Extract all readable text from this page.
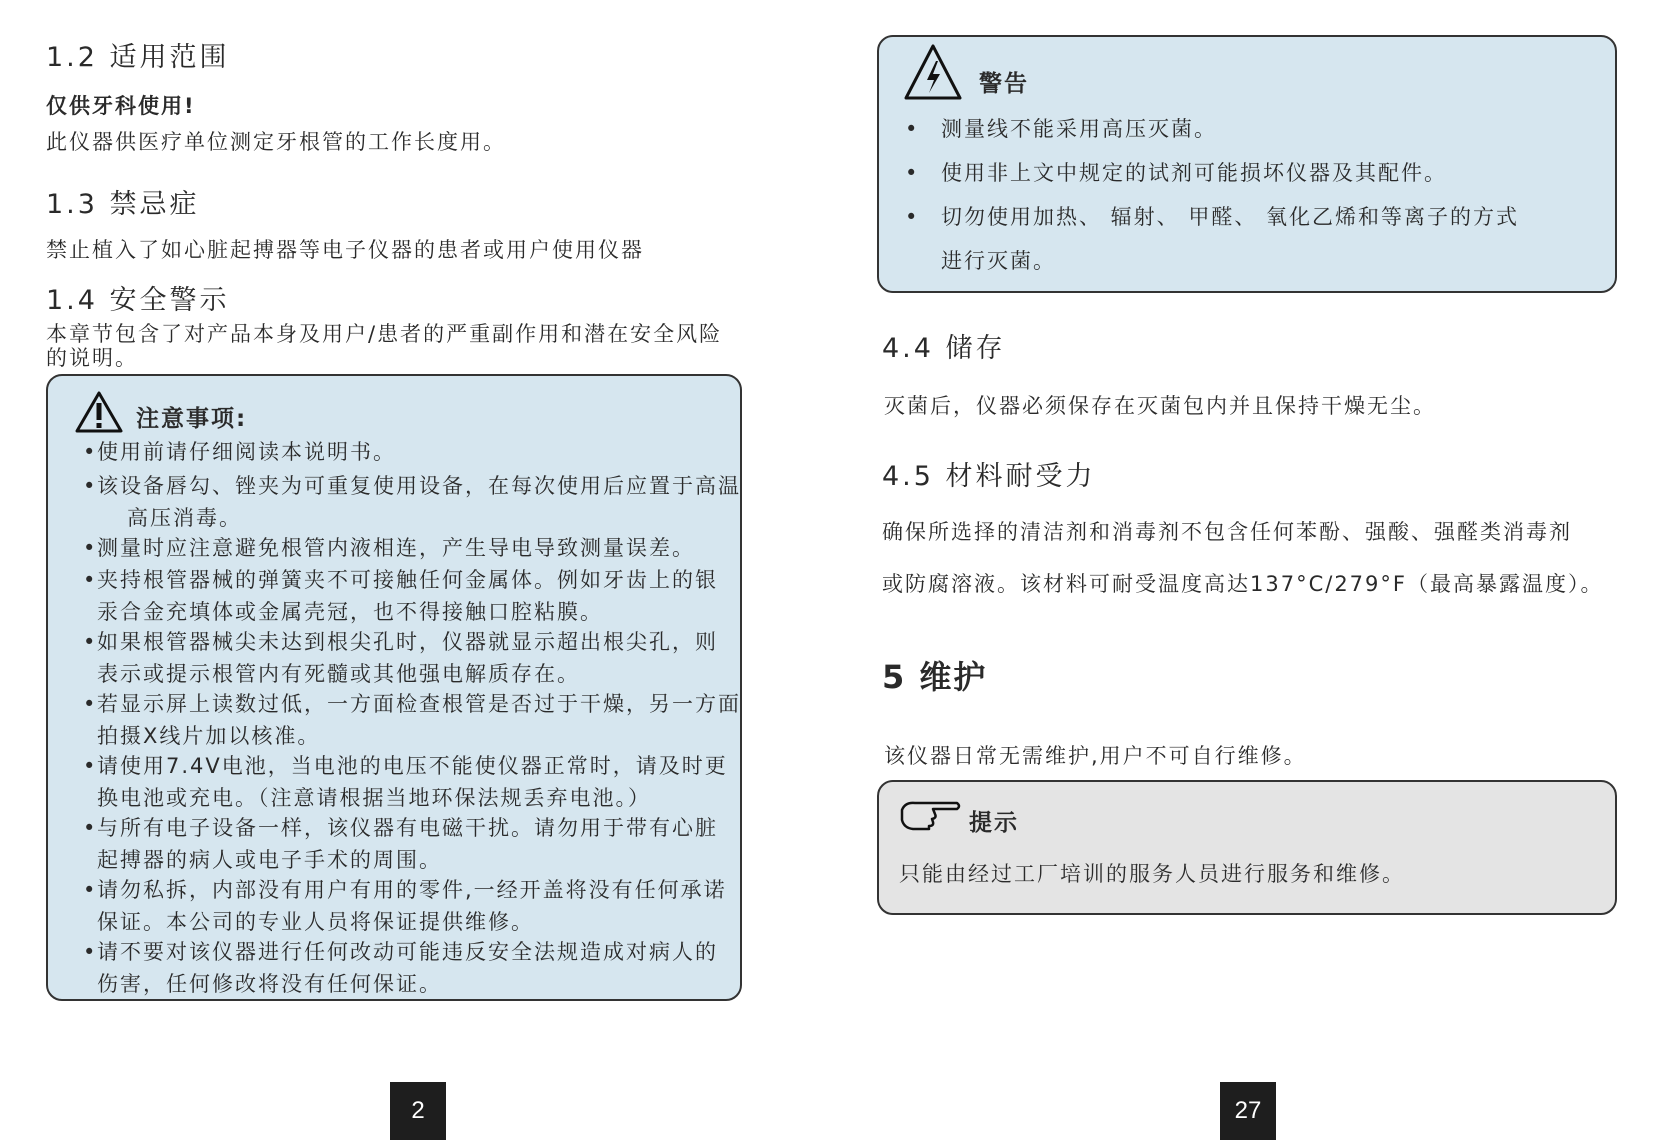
1.2 适用范围
仅供牙科使用!
此仪器供医疗单位测定牙根管的工作长度用。
1.3 禁忌症
禁止植入了如心脏起搏器等电子仪器的患者或用户使用仪器
1.4 安全警示
本章节包含了对产品本身及用户/患者的严重副作用和潜在安全风险
的说明。
注意事项:
• 使用前请仔细阅读本说明书。
• 该设备唇勾、锉夹为可重复使用设备，在每次使用后应置于高温
高压消毒。
• 测量时应注意避免根管内液相连，产生导电导致测量误差。
• 夹持根管器械的弹簧夹不可接触任何金属体。例如牙齿上的银
汞合金充填体或金属壳冠，也不得接触口腔粘膜。
• 如果根管器械尖未达到根尖孔时，仪器就显示超出根尖孔，则
表示或提示根管内有死髓或其他强电解质存在。
• 若显示屏上读数过低，一方面检查根管是否过于干燥，另一方面
拍摄X线片加以核准。
• 请使用7.4V电池，当电池的电压不能使仪器正常时，请及时更
换电池或充电。（注意请根据当地环保法规丢弃电池。）
• 与所有电子设备一样，该仪器有电磁干扰。请勿用于带有心脏
起搏器的病人或电子手术的周围。
• 请勿私拆，内部没有用户有用的零件,一经开盖将没有任何承诺
保证。本公司的专业人员将保证提供维修。
• 请不要对该仪器进行任何改动可能违反安全法规造成对病人的
伤害，任何修改将没有任何保证。
2
警告
•	测量线不能采用高压灭菌。
•	使用非上文中规定的试剂可能损坏仪器及其配件。
•	切勿使用加热、 辐射、 甲醛、 氧化乙烯和等离子的方式
进行灭菌。
4.4 储存
灭菌后，仪器必须保存在灭菌包内并且保持干燥无尘。
4.5 材料耐受力
确保所选择的清洁剂和消毒剂不包含任何苯酚、强酸、强醛类消毒剂
或防腐溶液。该材料可耐受温度高达137°C/279°F（最高暴露温度）。
5 维护
该仪器日常无需维护,用户不可自行维修。
提示
只能由经过工厂培训的服务人员进行服务和维修。
27
